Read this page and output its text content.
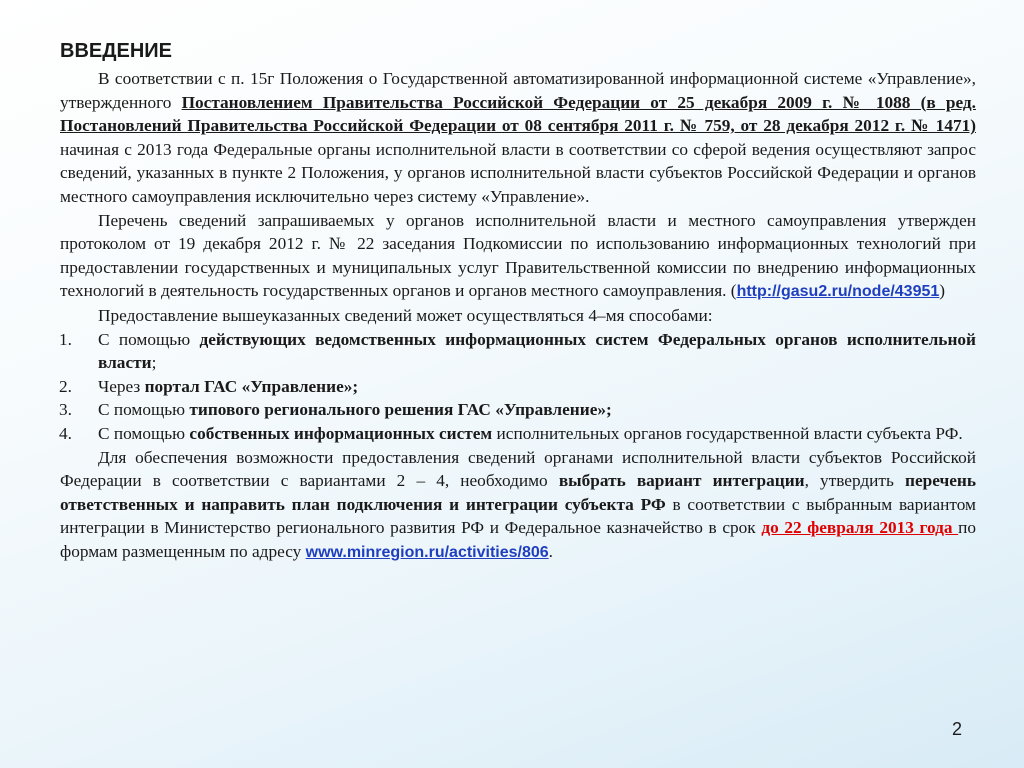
ВВЕДЕНИЕ

В соответствии с п. 15г Положения о Государственной автоматизированной информационной системе «Управление», утвержденного Постановлением Правительства Российской Федерации от 25 декабря 2009 г. № 1088 (в ред. Постановлений Правительства Российской Федерации от 08 сентября 2011 г. № 759, от 28 декабря 2012 г. № 1471) начиная с 2013 года Федеральные органы исполнительной власти в соответствии со сферой ведения осуществляют запрос сведений, указанных в пункте 2 Положения, у органов исполнительной власти субъектов Российской Федерации и органов местного самоуправления исключительно через систему «Управление».

Перечень сведений запрашиваемых у органов исполнительной власти и местного самоуправления утвержден протоколом от 19 декабря 2012 г. № 22 заседания Подкомиссии по использованию информационных технологий при предоставлении государственных и муниципальных услуг Правительственной комиссии по внедрению информационных технологий в деятельность государственных органов и органов местного самоуправления. (http://gasu2.ru/node/43951)

Предоставление вышеуказанных сведений может осуществляться 4–мя способами:

1. С помощью действующих ведомственных информационных систем Федеральных органов исполнительной власти;
2. Через портал ГАС «Управление»;
3. С помощью типового регионального решения ГАС «Управление»;
4. С помощью собственных информационных систем исполнительных органов государственной власти субъекта РФ.

Для обеспечения возможности предоставления сведений органами исполнительной власти субъектов Российской Федерации в соответствии с вариантами 2 – 4, необходимо выбрать вариант интеграции, утвердить перечень ответственных и направить план подключения и интеграции субъекта РФ в соответствии с выбранным вариантом интеграции в Министерство регионального развития РФ и Федеральное казначейство в срок до 22 февраля 2013 года по формам размещенным по адресу www.minregion.ru/activities/806.

2
